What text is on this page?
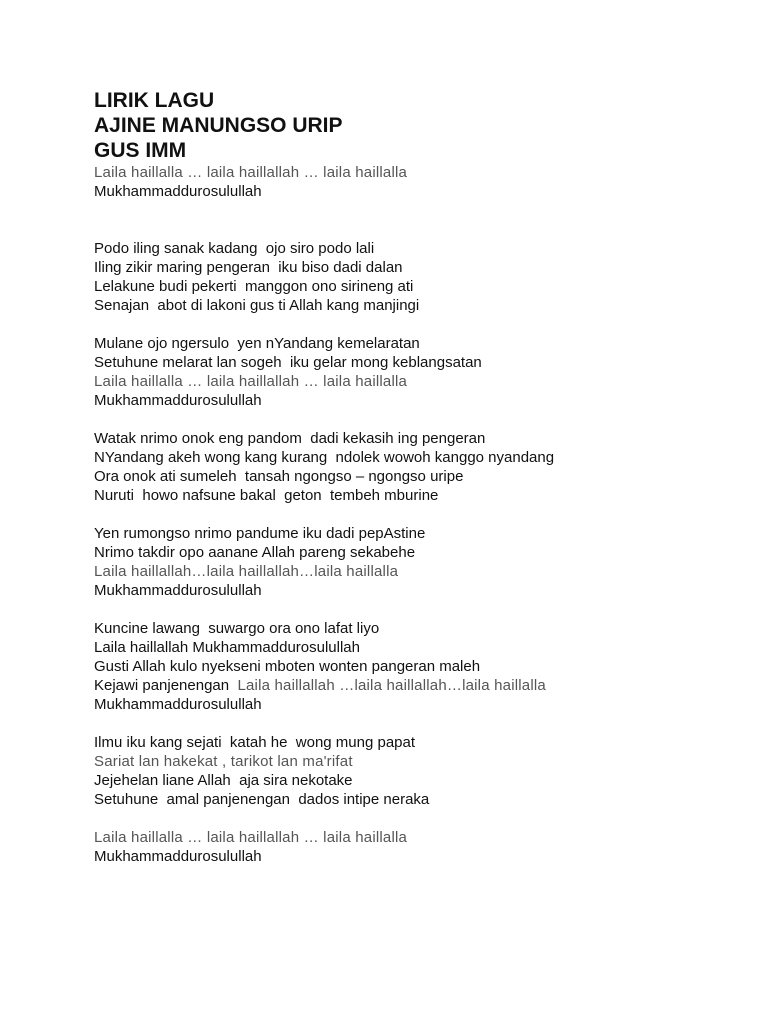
LIRIK LAGU

AJINE MANUNGSO URIP

GUS IMM

Laila haillalla … laila haillallah … laila haillalla

Mukhammaddurosulullah

Podo iling sanak kadang  ojo siro podo lali

Iling zikir maring pengeran  iku biso dadi dalan

Lelakune budi pekerti  manggon ono sirineng ati

Senajan  abot di lakoni gus ti Allah kang manjingi

Mulane ojo ngersulo  yen nYandang kemelaratan

Setuhune melarat lan sogeh  iku gelar mong keblangsatan

Laila haillalla … laila haillallah … laila haillalla

Mukhammaddurosulullah

Watak nrimo onok eng pandom  dadi kekasih ing pengeran

NYandang akeh wong kang kurang  ndolek wowoh kanggo nyandang

Ora onok ati sumeleh  tansah ngongso – ngongso uripe

Nuruti  howo nafsune bakal  geton  tembeh mburine

Yen rumongso nrimo pandume iku dadi pepAstine

Nrimo takdir opo aanane Allah pareng sekabehe

Laila haillallah…laila haillallah…laila haillalla

Mukhammaddurosulullah

Kuncine lawang  suwargo ora ono lafat liyo

Laila haillallah Mukhammaddurosulullah

Gusti Allah kulo nyekseni mboten wonten pangeran maleh

Kejawi panjenengan  Laila haillallah …laila haillallah…laila haillalla

Mukhammaddurosulullah

Ilmu iku kang sejati  katah he  wong mung papat

Sariat lan hakekat , tarikot lan ma'rifat

Jejehelan liane Allah  aja sira nekotake

Setuhune  amal panjenengan  dados intipe neraka

Laila haillalla … laila haillallah … laila haillalla

Mukhammaddurosulullah
